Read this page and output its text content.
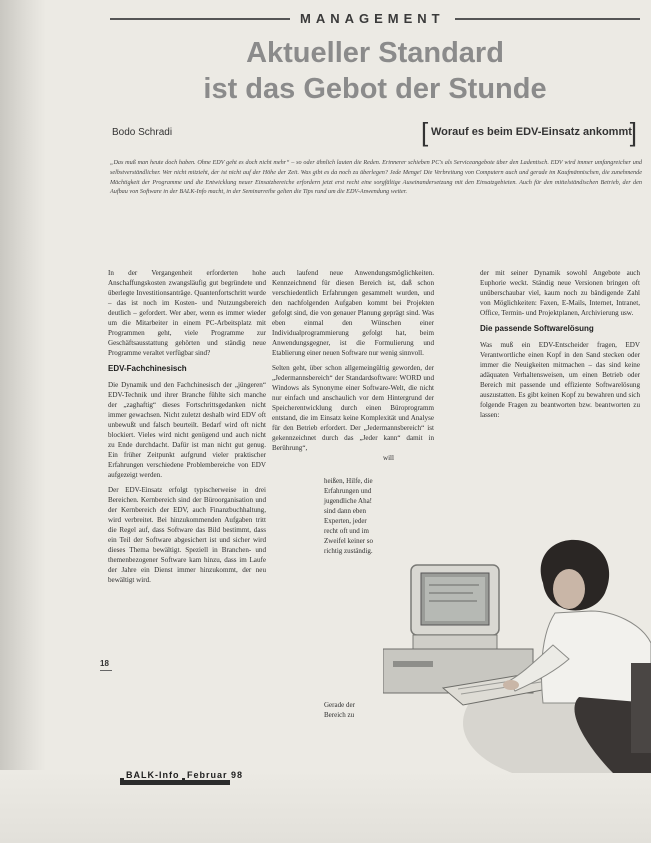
MANAGEMENT
Aktueller Standard
ist das Gebot der Stunde
Bodo Schradi	[ Worauf es beim EDV-Einsatz ankommt
]
„Das muß man heute doch haben. Ohne EDV geht es doch nicht mehr“ – so oder ähnlich lauten die Reden. Erinnerer schieben PC's als Serviceangebote über den Ladentisch. EDV wird immer umfangreicher und selbstverständlicher. Wer nicht mitzieht, der ist nicht auf der Höhe der Zeit. Was gibt es da noch zu überlegen? Jede Menge! Die Verbreitung von Computern auch und gerade im Kaufmännischen, die zunehmende Mächtigkeit der Programme und die Entwicklung neuer Einsatzbereiche erfordern jetzt erst recht eine sorgfältige Auseinandersetzung mit den Einsatzgebieten. Auch für den mittelständischen Betrieb, der den Aufbau von Software in der BALK-Info macht, in der Seminarreihe gelten die Tips rund um die EDV-Anwendung weiter.

In der Vergangenheit erforderten hohe Anschaffungskosten zwangsläufig gut begründete und überlegte Investitionsanträge. Quantenfortschritt wurde – das ist noch im Kosten- und Nutzungsbereich deutlich – gefordert. Wer aber, wenn es immer wieder um die Mitarbeiter in einem PC-Arbeitsplatz mit Programmen geht, viele Programme zur Geschäftsausstattung gehörten und ständig neue Programme veraltet verfügbar sind?

EDV-Fachchinesisch

Die Dynamik und den Fachchinesisch der „jüngeren“ EDV-Technik und ihrer Branche fühlte sich manche der „zaghaftig“ dieses Fortschrittsgedanken nicht immer gewachsen. Nicht zuletzt deshalb wird EDV oft unbewußt und falsch beurteilt. Bedarf wird oft nicht blockiert. Vieles wird nicht genügend und auch nicht zu Ende durchdacht. Dafür ist man nicht gut genug. Ein früher Zeitpunkt aufgrund vieler praktischer Erfahrungen verschiedene Problembereiche von EDV aufgezeigt werden.

Der EDV-Einsatz erfolgt typischerweise in drei Bereichen. Kernbereich sind der Büroorganisation und der Kernbereich der EDV, auch Finanzbuchhaltung, wird verbreitet. Bei hinzukommenden Aufgaben tritt die Regel auf, dass Software das Bild bestimmt, dass ein Teil der Software abgesichert ist und sicher wird dieses Thema bewältigt. Speziell in Branchen- und themenbezogener Software kam hinzu, dass im Laufe der Jahre ein Dienst immer hinzukommt, der neu bewältigt wird.

auch laufend neue Anwendungsmöglichkeiten. Kennzeichnend für diesen Bereich ist, daß schon verschiedentlich Erfahrungen gesammelt wurden, und den nachfolgenden Aufgaben kommt bei Projekten gefolgt sind, die von genauer Planung geprägt sind. Was eben einmal den Wünschen einer Individualprogrammierung gefolgt hat, beim Anwendungsgegner, ist die Formulierung und Etablierung einer neuen Software nur wenig sinnvoll.

Selten geht, über schon allgemeingültig geworden, der „Jedermannsbereich“ der Standardsoftware: WORD und Windows als Synonyme einer Software-Welt, die nicht nur einfach und anschaulich vor dem Hintergrund der Speicherentwicklung durch einen Büroprogramm entstand, die im Einsatz keine Komplexität und Analyse für den Betrieb erfordert. Der „Jedermannsbereich“ ist gekennzeichnet durch das „Jeder kann“ damit in Berührung“,

will
heißen, Hilfe, die Erfahrungen und jugendliche Aha! sind dann eben Experten, jeder recht oft und im Zweifel keiner so richtig zuständig.
Gerade der Bereich zu

der mit seiner Dynamik sowohl Angebote auch Euphorie weckt. Ständig neue Versionen bringen oft unüberschaubar viel, kaum noch zu bändigende Zahl von Möglichkeiten: Faxen, E-Mails, Internet, Intranet, Office, Termin- und Projektplanen, Archivierung usw.

Die passende Softwarelösung

Was muß ein EDV-Entscheider fragen, EDV Verantwortliche einen Kopf in den Sand stecken oder immer die Neuigkeiten mitmachen – das sind keine adäquaten Verhaltensweisen, um einen Betrieb oder Bereich mit passende und effiziente Softwarelösung auszustatten. Es gibt keinen Kopf zu bewahren und sich folgende Fragen zu beantworten bzw. beantworten zu lassen:

18
BALK-Info Februar 98
